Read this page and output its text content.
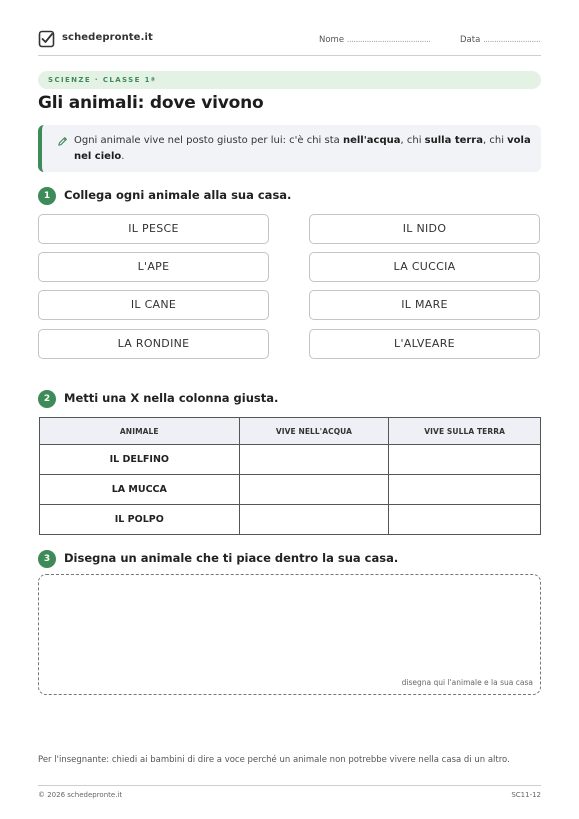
schedepronte.it	Nome ......................................	Data ..........................
SCIENZE · CLASSE 1ª
Gli animali: dove vivono

Ogni animale vive nel posto giusto per lui: c'è chi sta nell'acqua, chi sulla terra, chi vola nel cielo.

1	Collega ogni animale alla sua casa.
IL PESCE
L'APE
IL CANE
LA RONDINE
IL NIDO
LA CUCCIA
IL MARE
L'ALVEARE
2	Metti una X nella colonna giusta.
ANIMALE	VIVE NELL'ACQUA	VIVE SULLA TERRA
IL DELFINO		
LA MUCCA		
IL POLPO		
3	Disegna un animale che ti piace dentro la sua casa.
disegna qui l'animale e la sua casa

Per l'insegnante: chiedi ai bambini di dire a voce perché un animale non potrebbe vivere nella casa di un altro.

© 2026 schedepronte.it	SC11-12
